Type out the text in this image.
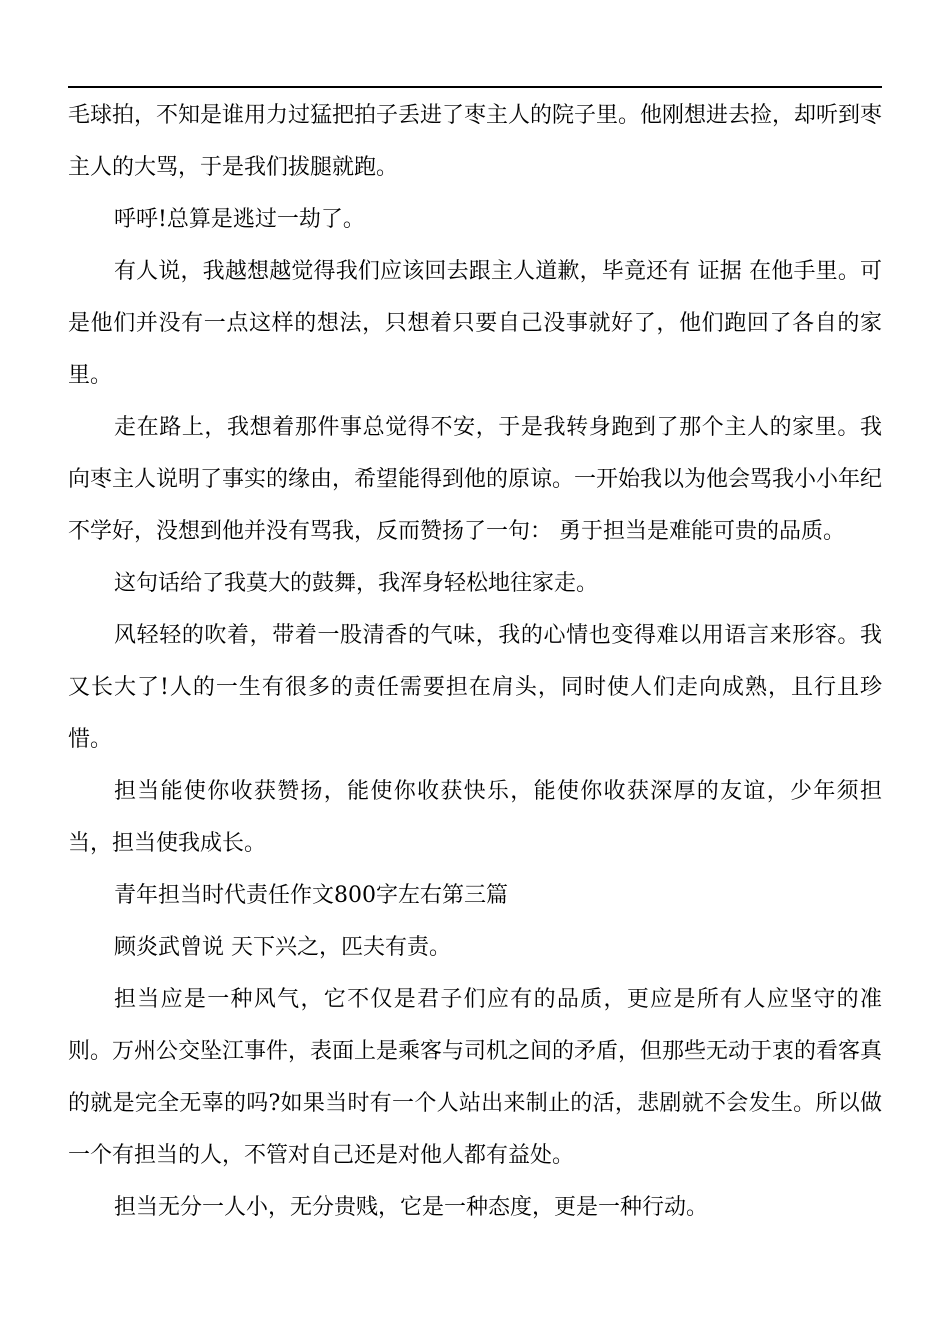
毛球拍，不知是谁用力过猛把拍子丢进了枣主人的院子里。他刚想进去捡，却听到枣主人的大骂，于是我们拔腿就跑。

呼呼!总算是逃过一劫了。

有人说，我越想越觉得我们应该回去跟主人道歉，毕竟还有 证据 在他手里。可是他们并没有一点这样的想法，只想着只要自己没事就好了，他们跑回了各自的家里。

走在路上，我想着那件事总觉得不安，于是我转身跑到了那个主人的家里。我向枣主人说明了事实的缘由，希望能得到他的原谅。一开始我以为他会骂我小小年纪不学好，没想到他并没有骂我，反而赞扬了一句： 勇于担当是难能可贵的品质。

这句话给了我莫大的鼓舞，我浑身轻松地往家走。

风轻轻的吹着，带着一股清香的气味，我的心情也变得难以用语言来形容。我又长大了!人的一生有很多的责任需要担在肩头，同时使人们走向成熟，且行且珍惜。

担当能使你收获赞扬，能使你收获快乐，能使你收获深厚的友谊，少年须担当，担当使我成长。

青年担当时代责任作文800字左右第三篇

顾炎武曾说 天下兴之，匹夫有责。

担当应是一种风气，它不仅是君子们应有的品质，更应是所有人应坚守的准则。万州公交坠江事件，表面上是乘客与司机之间的矛盾，但那些无动于衷的看客真的就是完全无辜的吗?如果当时有一个人站出来制止的活，悲剧就不会发生。所以做一个有担当的人，不管对自己还是对他人都有益处。

担当无分一人小，无分贵贱，它是一种态度，更是一种行动。
